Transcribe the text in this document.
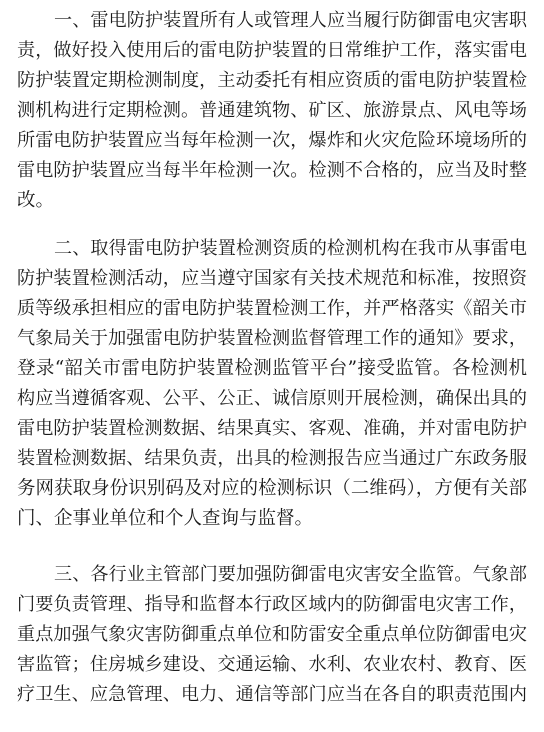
一、雷电防护装置所有人或管理人应当履行防御雷电灾害职
责，做好投入使用后的雷电防护装置的日常维护工作，落实雷电
防护装置定期检测制度，主动委托有相应资质的雷电防护装置检
测机构进行定期检测。普通建筑物、矿区、旅游景点、风电等场
所雷电防护装置应当每年检测一次，爆炸和火灾危险环境场所的
雷电防护装置应当每半年检测一次。检测不合格的，应当及时整
改。

二、取得雷电防护装置检测资质的检测机构在我市从事雷电
防护装置检测活动，应当遵守国家有关技术规范和标准，按照资
质等级承担相应的雷电防护装置检测工作，并严格落实《韶关市
气象局关于加强雷电防护装置检测监督管理工作的通知》要求，
登录“韶关市雷电防护装置检测监管平台”接受监管。各检测机
构应当遵循客观、公平、公正、诚信原则开展检测，确保出具的
雷电防护装置检测数据、结果真实、客观、准确，并对雷电防护
装置检测数据、结果负责，出具的检测报告应当通过广东政务服
务网获取身份识别码及对应的检测标识（二维码），方便有关部
门、企事业单位和个人查询与监督。

三、各行业主管部门要加强防御雷电灾害安全监管。气象部
门要负责管理、指导和监督本行政区域内的防御雷电灾害工作，
重点加强气象灾害防御重点单位和防雷安全重点单位防御雷电灾
害监管；住房城乡建设、交通运输、水利、农业农村、教育、医
疗卫生、应急管理、电力、通信等部门应当在各自的职责范围内
